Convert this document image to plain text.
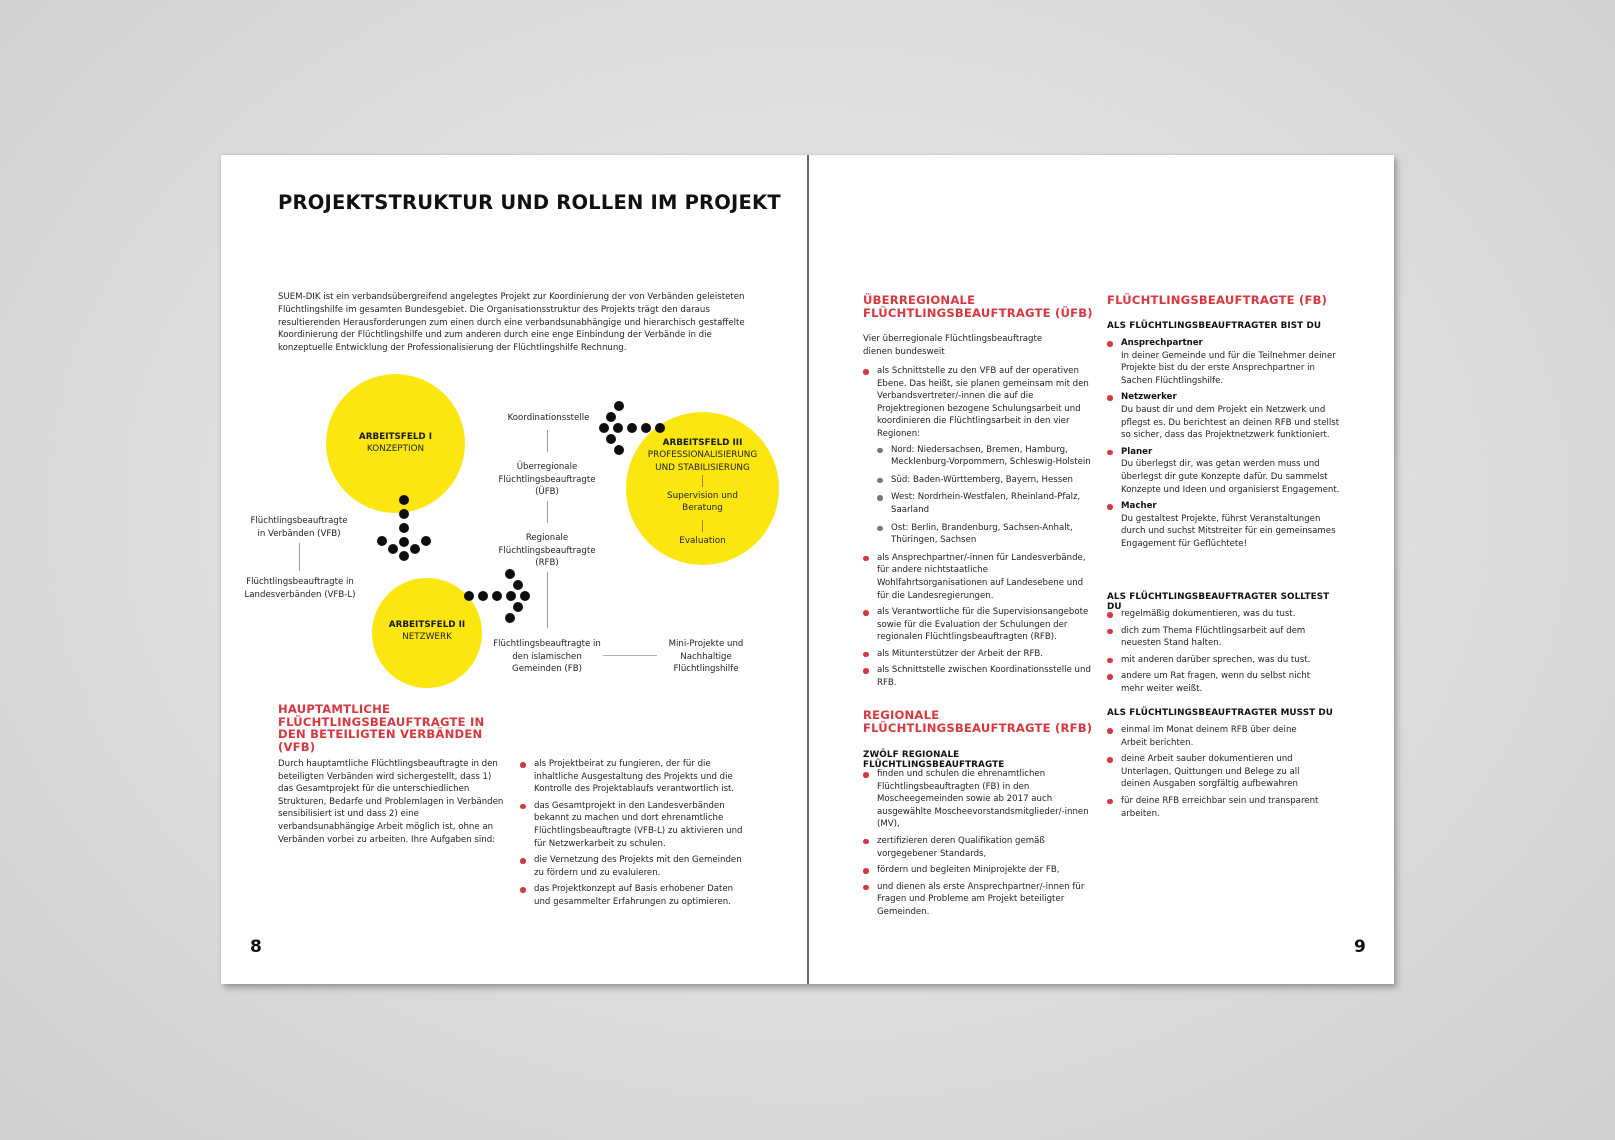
PROJEKTSTRUKTUR UND ROLLEN IM PROJEKT
SUEM-DIK ist ein verbandsübergreifend angelegtes Projekt zur Koordinierung der von Verbänden geleisteten Flüchtlingshilfe im gesamten Bundesgebiet. Die Organisationsstruktur des Projekts trägt den daraus resultierenden Herausforderungen zum einen durch eine verbandsunabhängige und hierarchisch gestaffelte Koordinierung der Flüchtlingshilfe und zum anderen durch eine enge Einbindung der Verbände in die konzeptuelle Entwicklung der Professionalisierung der Flüchtlingshilfe Rechnung.
ARBEITSFELD I
KONZEPTION
ARBEITSFELD II
NETZWERK
ARBEITSFELD III
PROFESSIONALISIERUNG UND STABILISIERUNG
Supervision und Beratung
Evaluation
Flüchtlingsbeauftragte in Verbänden (VFB)
Flüchtlingsbeauftragte in Landesverbänden (VFB-L)
Koordinationsstelle
Überregionale Flüchtlingsbeauftragte (ÜFB)
Regionale Flüchtlingsbeauftragte (RFB)
Flüchtlingsbeauftragte in den islamischen Gemeinden (FB)
Mini-Projekte und Nachhaltige Flüchtlingshilfe
HAUPTAMTLICHE FLÜCHTLINGSBEAUFTRAGTE IN DEN BETEILIGTEN VERBÄNDEN (VFB)
Durch hauptamtliche Flüchtlingsbeauftragte in den beteiligten Verbänden wird sichergestellt, dass 1) das Gesamtprojekt für die unterschiedlichen Strukturen, Bedarfe und Problemlagen in Verbänden sensibilisiert ist und dass 2) eine verbandsunabhängige Arbeit möglich ist, ohne an Verbänden vorbei zu arbeiten. Ihre Aufgaben sind:
als Projektbeirat zu fungieren, der für die inhaltliche Ausgestaltung des Projekts und die Kontrolle des Projektablaufs verantwortlich ist.
das Gesamtprojekt in den Landesverbänden bekannt zu machen und dort ehrenamtliche Flüchtlingsbeauftragte (VFB-L) zu aktivieren und für Netzwerkarbeit zu schulen.
die Vernetzung des Projekts mit den Gemeinden zu fördern und zu evaluieren.
das Projektkonzept auf Basis erhobener Daten und gesammelter Erfahrungen zu optimieren.
8
ÜBERREGIONALE FLÜCHTLINGSBEAUFTRAGTE (ÜFB)
Vier überregionale Flüchtlingsbeauftragte dienen bundesweit
als Schnittstelle zu den VFB auf der operativen Ebene. Das heißt, sie planen gemeinsam mit den Verbandsvertreter/-innen die auf die Projektregionen bezogene Schulungsarbeit und koordinieren die Flüchtlingsarbeit in den vier Regionen:
Nord: Niedersachsen, Bremen, Hamburg, Mecklenburg-Vorpommern, Schleswig-Holstein
Süd: Baden-Württemberg, Bayern, Hessen
West: Nordrhein-Westfalen, Rheinland-Pfalz, Saarland
Ost: Berlin, Brandenburg, Sachsen-Anhalt, Thüringen, Sachsen
als Ansprechpartner/-innen für Landesverbände, für andere nichtstaatliche Wohlfahrtsorganisationen auf Landesebene und für die Landesregierungen.
als Verantwortliche für die Supervisionsangebote sowie für die Evaluation der Schulungen der regionalen Flüchtlingsbeauftragten (RFB).
als Mitunterstützer der Arbeit der RFB.
als Schnittstelle zwischen Koordinationsstelle und RFB.
REGIONALE FLÜCHTLINGSBEAUFTRAGTE (RFB)
ZWÖLF REGIONALE FLÜCHTLINGSBEAUFTRAGTE
finden und schulen die ehrenamtlichen Flüchtlingsbeauftragten (FB) in den Moscheegemeinden sowie ab 2017 auch ausgewählte Moscheevorstandsmitglieder/-innen (MV),
zertifizieren deren Qualifikation gemäß vorgegebener Standards,
fördern und begleiten Miniprojekte der FB,
und dienen als erste Ansprechpartner/-innen für Fragen und Probleme am Projekt beteiligter Gemeinden.
FLÜCHTLINGSBEAUFTRAGTE (FB)
ALS FLÜCHTLINGSBEAUFTRAGTER BIST DU
Ansprechpartner
In deiner Gemeinde und für die Teilnehmer deiner Projekte bist du der erste Ansprechpartner in Sachen Flüchtlingshilfe.
Netzwerker
Du baust dir und dem Projekt ein Netzwerk und pflegst es. Du berichtest an deinen RFB und stellst so sicher, dass das Projektnetzwerk funktioniert.
Planer
Du überlegst dir, was getan werden muss und überlegst dir gute Konzepte dafür. Du sammelst Konzepte und Ideen und organisierst Engagement.
Macher
Du gestaltest Projekte, führst Veranstaltungen durch und suchst Mitstreiter für ein gemeinsames Engagement für Geflüchtete!
ALS FLÜCHTLINGSBEAUFTRAGTER SOLLTEST DU
regelmäßig dokumentieren, was du tust.
dich zum Thema Flüchtlingsarbeit auf dem neuesten Stand halten.
mit anderen darüber sprechen, was du tust.
andere um Rat fragen, wenn du selbst nicht mehr weiter weißt.
ALS FLÜCHTLINGSBEAUFTRAGTER MUSST DU
einmal im Monat deinem RFB über deine Arbeit berichten.
deine Arbeit sauber dokumentieren und Unterlagen, Quittungen und Belege zu all deinen Ausgaben sorgfältig aufbewahren
für deine RFB erreichbar sein und transparent arbeiten.
9
